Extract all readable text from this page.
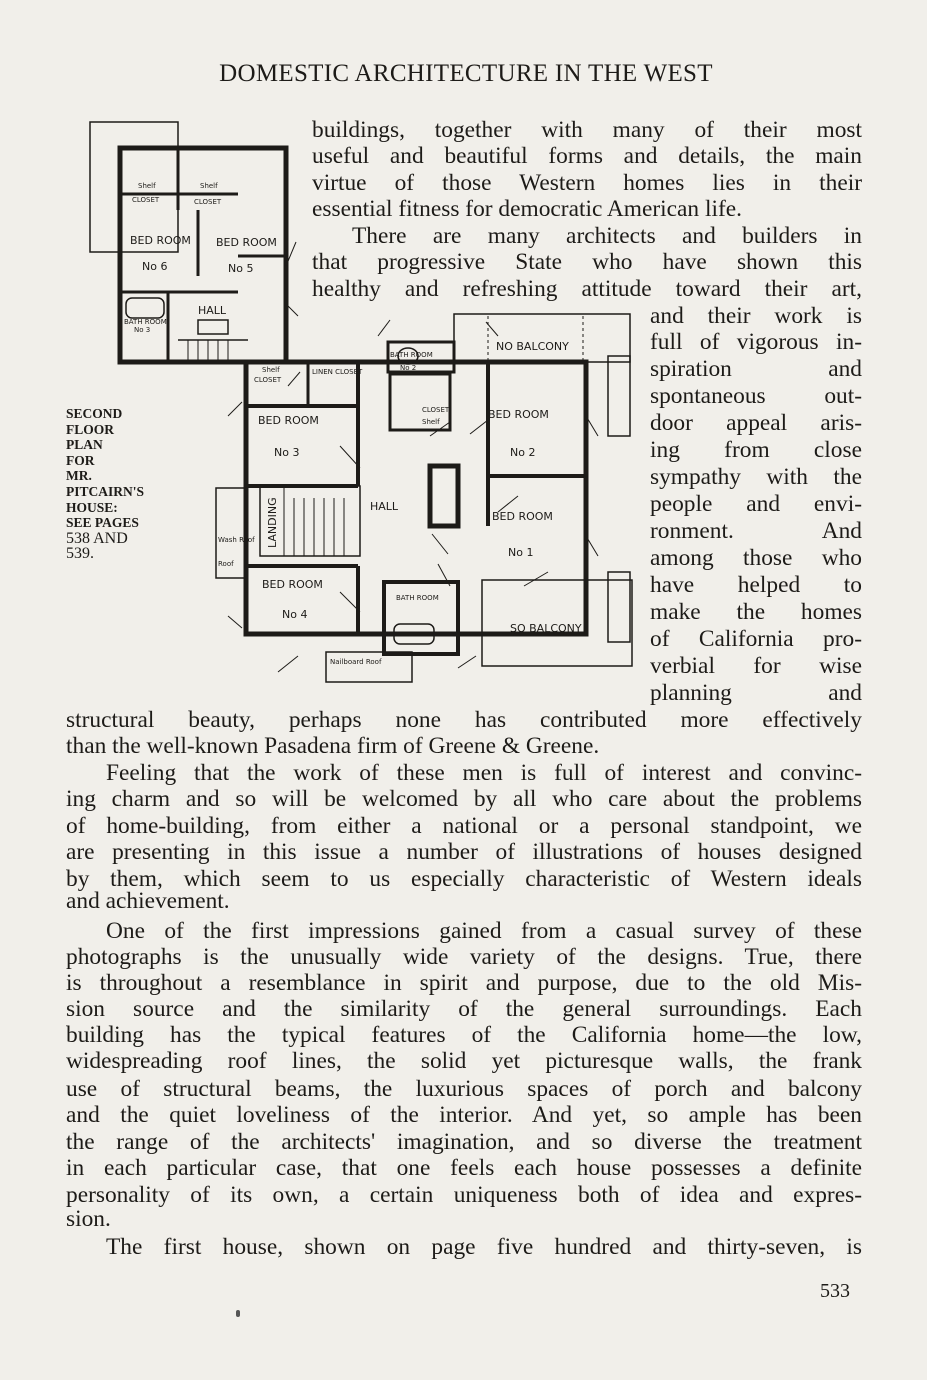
DOMESTIC ARCHITECTURE IN THE WEST
Shelf	Shelf
CLOSET	CLOSET
BED ROOM
No 6
BED ROOM
No 5
HALL
BATH ROOM
No 3
Shelf
CLOSET
LINEN CLOSET
BATH ROOM
No 2
NO BALCONY
CLOSET
Shelf
BED ROOM
No 3
BED ROOM
No 2
LANDING	HALL
BED ROOM
No 1
BED ROOM
No 4
BATH ROOM
SO BALCONY
Roof
Wash Roof
Nailboard Roof
SECOND
FLOOR
PLAN
FOR
MR.
PITCAIRN'S
HOUSE:
SEE PAGES
538 AND
539.
buildings, together with many of their most
useful and beautiful forms and details, the main
virtue of those Western homes lies in their
essential fitness for democratic American life.
There are many architects and builders in
that progressive State who have shown this
healthy and refreshing attitude toward their art,
and their work is
full of vigorous in-
spiration and
spontaneous out-
door appeal aris-
ing from close
sympathy with the
people and envi-
ronment. And
among those who
have helped to
make the homes
of California pro-
verbial for wise
planning and
structural beauty, perhaps none has contributed more effectively
than the well-known Pasadena firm of Greene & Greene.
Feeling that the work of these men is full of interest and convinc-
ing charm and so will be welcomed by all who care about the problems
of home-building, from either a national or a personal standpoint, we
are presenting in this issue a number of illustrations of houses designed
by them, which seem to us especially characteristic of Western ideals
and achievement.
One of the first impressions gained from a casual survey of these
photographs is the unusually wide variety of the designs. True, there
is throughout a resemblance in spirit and purpose, due to the old Mis-
sion source and the similarity of the general surroundings. Each
building has the typical features of the California home—the low,
widespreading roof lines, the solid yet picturesque walls, the frank
use of structural beams, the luxurious spaces of porch and balcony
and the quiet loveliness of the interior. And yet, so ample has been
the range of the architects' imagination, and so diverse the treatment
in each particular case, that one feels each house possesses a definite
personality of its own, a certain uniqueness both of idea and expres-
sion.
The first house, shown on page five hundred and thirty-seven, is
533
